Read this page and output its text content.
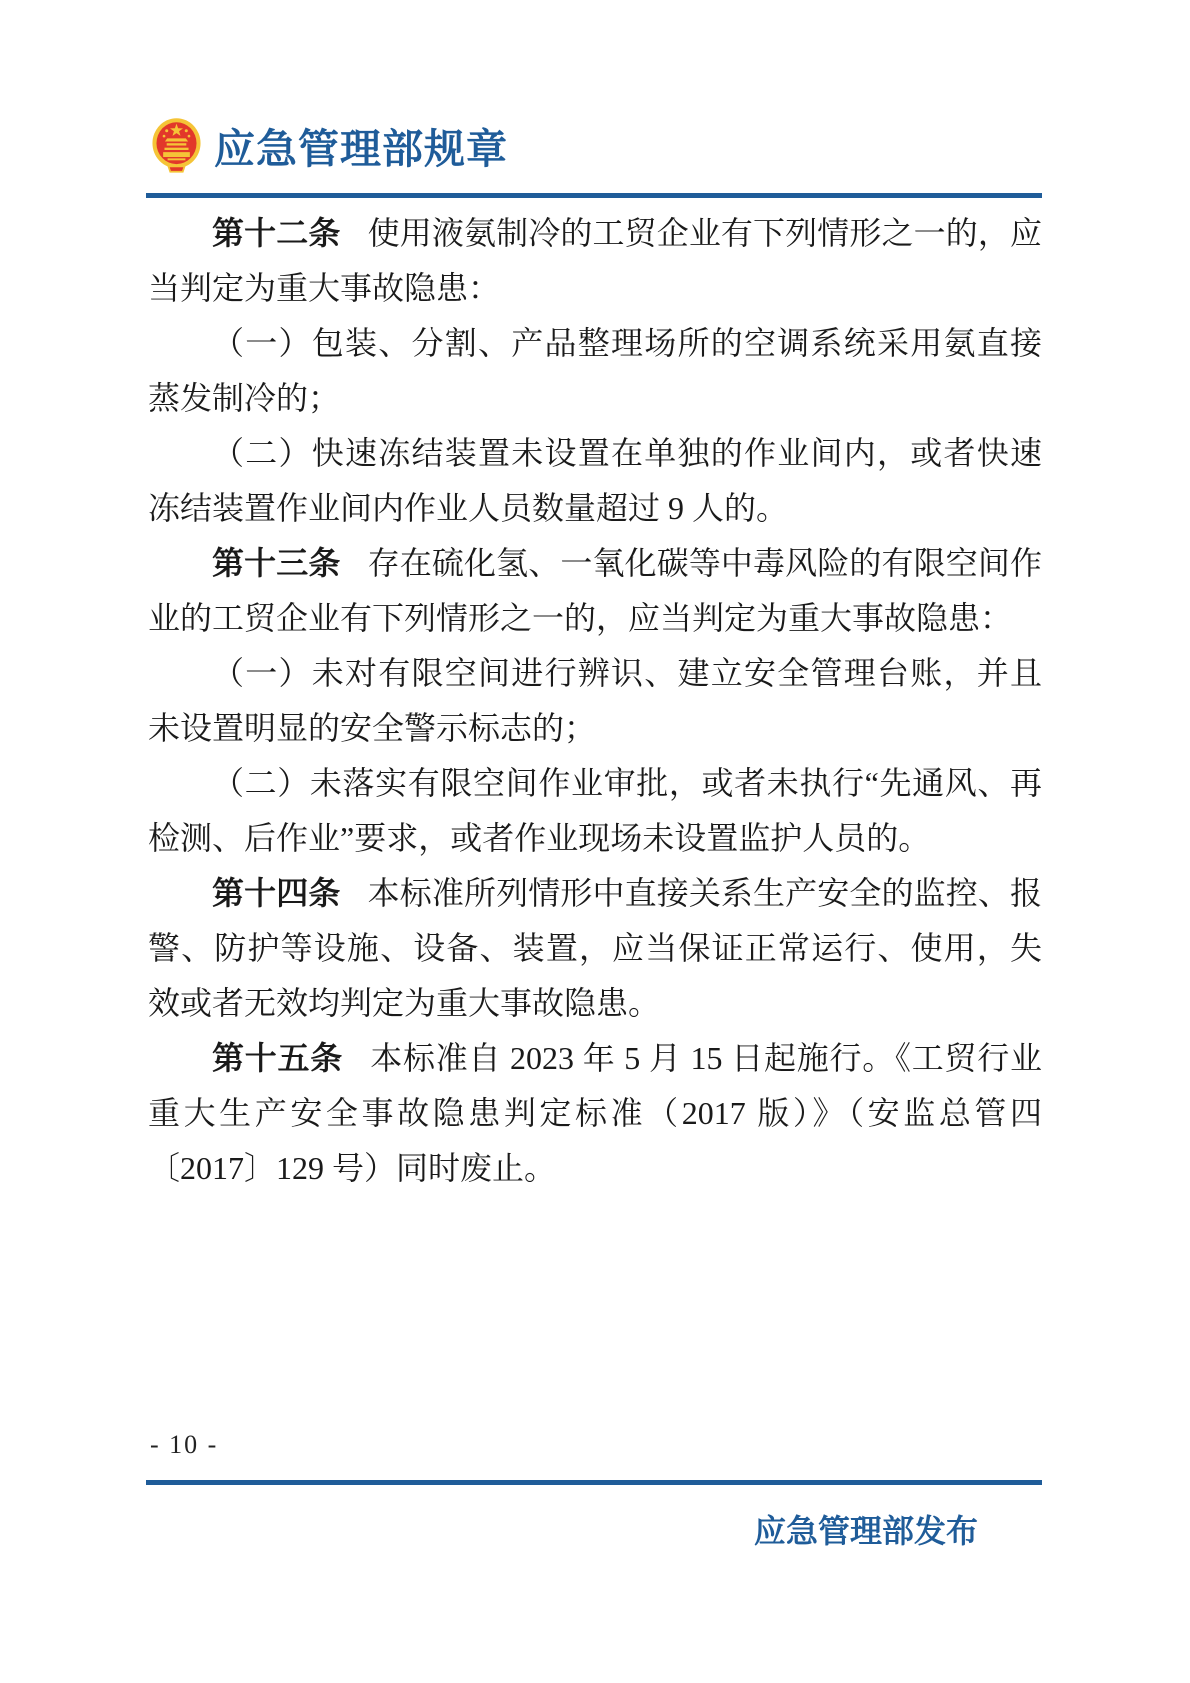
应急管理部规章

第十二条 使用液氨制冷的工贸企业有下列情形之一的，应当判定为重大事故隐患：

（一）包装、分割、产品整理场所的空调系统采用氨直接蒸发制冷的；

（二）快速冻结装置未设置在单独的作业间内，或者快速冻结装置作业间内作业人员数量超过 9 人的。

第十三条 存在硫化氢、一氧化碳等中毒风险的有限空间作业的工贸企业有下列情形之一的，应当判定为重大事故隐患：

（一）未对有限空间进行辨识、建立安全管理台账，并且未设置明显的安全警示标志的；

（二）未落实有限空间作业审批，或者未执行“先通风、再检测、后作业”要求，或者作业现场未设置监护人员的。

第十四条 本标准所列情形中直接关系生产安全的监控、报警、防护等设施、设备、装置，应当保证正常运行、使用，失效或者无效均判定为重大事故隐患。

第十五条 本标准自 2023 年 5 月 15 日起施行。《工贸行业重大生产安全事故隐患判定标准（2017 版）》（安监总管四〔2017〕129 号）同时废止。

- 10 -
应急管理部发布
